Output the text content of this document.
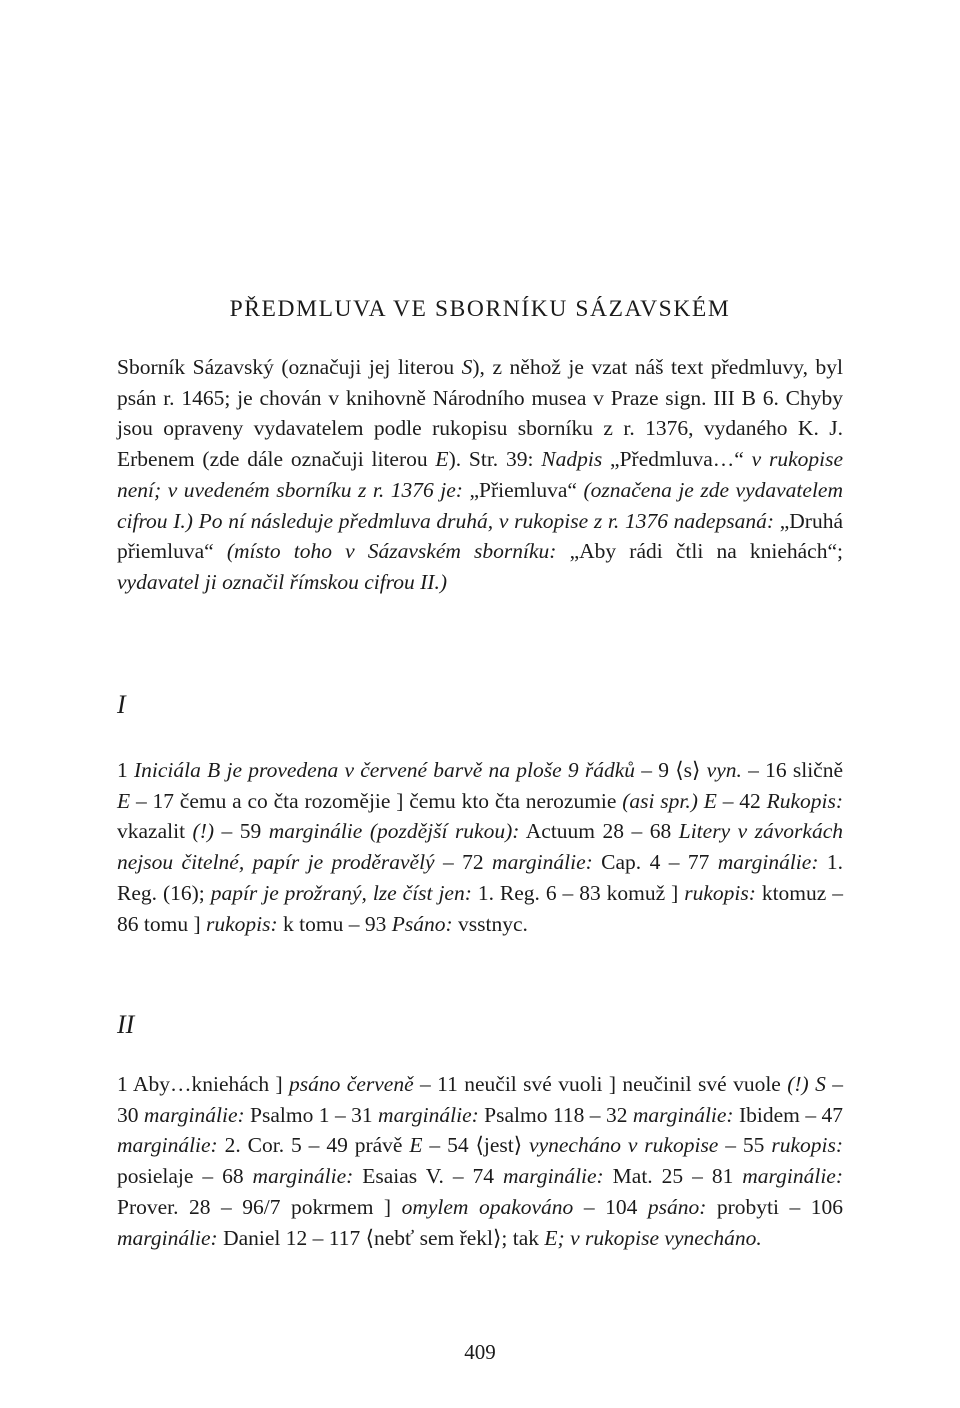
PŘEDMLUVA VE SBORNÍKU SÁZAVSKÉM

Sborník Sázavský (označuji jej literou S), z něhož je vzat náš text předmluvy, byl psán r. 1465; je chován v knihovně Národního musea v Praze sign. III B 6. Chyby jsou opraveny vydavatelem podle rukopisu sborníku z r. 1376, vydaného K. J. Erbenem (zde dále označuji literou E). Str. 39: Nadpis „Předmluva…“ v rukopise není; v uvedeném sborníku z r. 1376 je: „Přiemluva“ (označena je zde vydavatelem cifrou I.) Po ní následuje předmluva druhá, v rukopise z r. 1376 nadepsaná: „Druhá přiemluva“ (místo toho v Sázavském sborníku: „Aby rádi čtli na kniehách“; vydavatel ji označil římskou cifrou II.)

I

1 Iniciála B je provedena v červené barvě na ploše 9 řádků – 9 ⟨s⟩ vyn. – 16 sličně E – 17 čemu a co čta rozomějie ] čemu kto čta nerozumie (asi spr.) E – 42 Rukopis: vkazalit (!) – 59 marginálie (pozdější rukou): Actuum 28 – 68 Litery v závorkách nejsou čitelné, papír je proděravělý – 72 marginálie: Cap. 4 – 77 marginálie: 1. Reg. (16); papír je prožraný, lze číst jen: 1. Reg. 6 – 83 komuž ] rukopis: ktomuz – 86 tomu ] rukopis: k tomu – 93 Psáno: vsstnyc.

II

1 Aby…kniehách ] psáno červeně – 11 neučil své vuoli ] neučinil své vuole (!) S – 30 marginálie: Psalmo 1 – 31 marginálie: Psalmo 118 – 32 marginálie: Ibidem – 47 marginálie: 2. Cor. 5 – 49 právě E – 54 ⟨jest⟩ vynecháno v rukopise – 55 rukopis: posielaje – 68 marginálie: Esaias V. – 74 marginálie: Mat. 25 – 81 marginálie: Prover. 28 – 96/7 pokrmem ] omylem opakováno – 104 psáno: probyti – 106 marginálie: Daniel 12 – 117 ⟨nebť sem řekl⟩; tak E; v rukopise vynecháno.

409
